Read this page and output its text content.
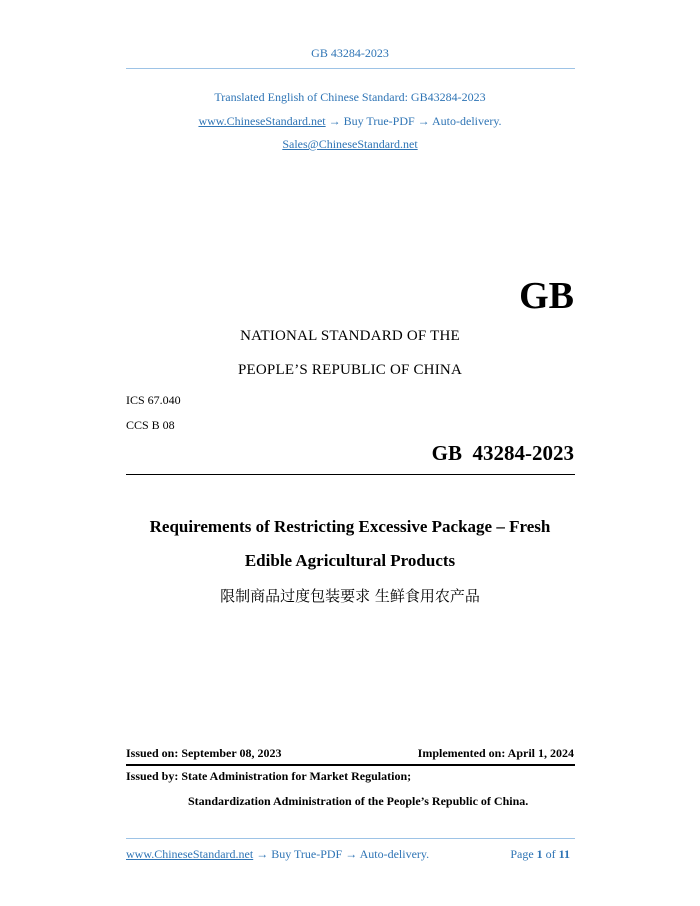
GB 43284-2023
Translated English of Chinese Standard: GB43284-2023
www.ChineseStandard.net → Buy True-PDF → Auto-delivery.
Sales@ChineseStandard.net
GB
NATIONAL STANDARD OF THE
PEOPLE’S REPUBLIC OF CHINA
ICS 67.040
CCS B 08
GB  43284-2023
Requirements of Restricting Excessive Package – Fresh
Edible Agricultural Products
限制商品过度包装要求 生鲜食用农产品
Issued on: September 08, 2023	Implemented on: April 1, 2024
Issued by: State Administration for Market Regulation;
Standardization Administration of the People’s Republic of China.
www.ChineseStandard.net → Buy True-PDF → Auto-delivery.	Page 1 of 11
